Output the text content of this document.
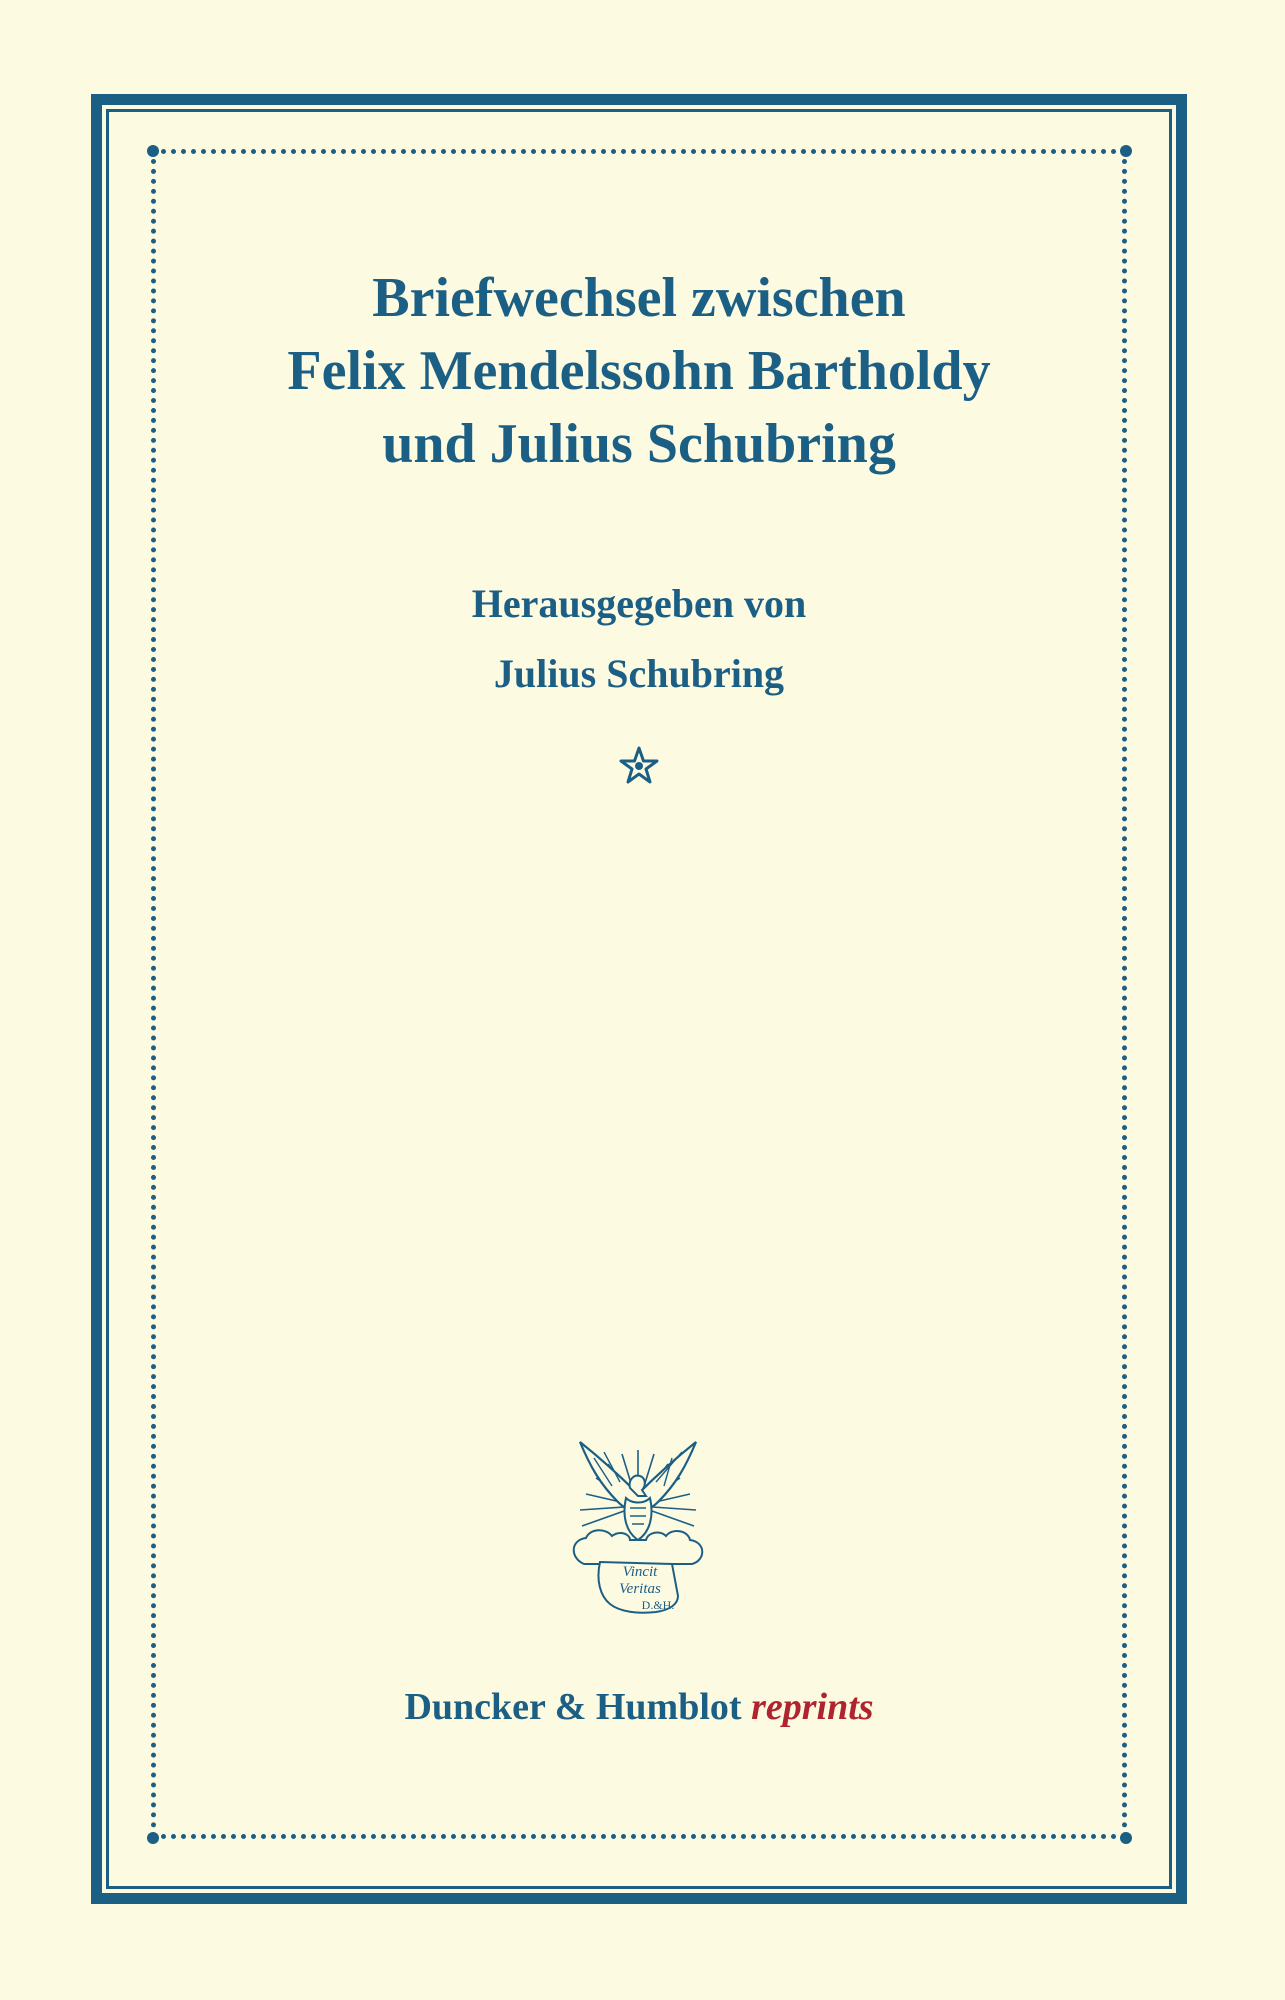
Briefwechsel zwischen
Felix Mendelssohn Bartholdy
und Julius Schubring
Herausgegeben von
Julius Schubring
Vincit
Veritas
D.&H.
Duncker & Humblot reprints
